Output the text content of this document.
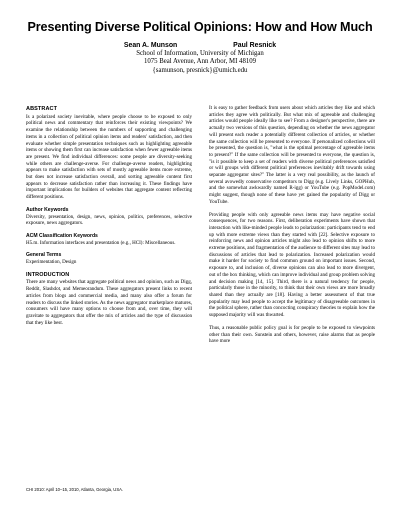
Presenting Diverse Political Opinions: How and How Much
Sean A. Munson	Paul Resnick
School of Information, University of Michigan
1075 Beal Avenue, Ann Arbor, MI 48109
{samunson, presnick}@umich.edu
ABSTRACT

Is a polarized society inevitable, where people choose to be exposed to only political news and commentary that reinforces their existing viewpoints? We examine the relationship between the numbers of supporting and challenging items in a collection of political opinion items and readers' satisfaction, and then evaluate whether simple presentation techniques such as highlighting agreeable items or showing them first can increase satisfaction when fewer agreeable items are present. We find individual differences: some people are diversity-seeking while others are challenge-averse. For challenge-averse readers, highlighting appears to make satisfaction with sets of mostly agreeable items more extreme, but does not increase satisfaction overall, and sorting agreeable content first appears to decrease satisfaction rather than increasing it. These findings have important implications for builders of websites that aggregate content reflecting different positions.

Author Keywords

Diversity, presentation, design, news, opinion, politics, preferences, selective exposure, news aggregators.

ACM Classification Keywords

H5.m. Information interfaces and presentation (e.g., HCI): Miscellaneous.

General Terms

Experimentation, Design

INTRODUCTION

There are many websites that aggregate political news and opinion, such as Digg, Reddit, Slashdot, and Memeorandum. These aggregators present links to recent articles from blogs and commercial media, and many also offer a forum for readers to discuss the linked stories. As the news aggregator marketplace matures, consumers will have many options to choose from and, over time, they will gravitate to aggregators that offer the mix of articles and the type of discussion that they like best.

It is easy to gather feedback from users about which articles they like and which articles they agree with politically. But what mix of agreeable and challenging articles would people ideally like to see? From a designer's perspective, there are actually two versions of this question, depending on whether the news aggregator will present each reader a potentially different collection of articles, or whether the same collection will be presented to everyone. If personalized collections will be presented, the question is, "what is the optimal percentage of agreeable items to present?" If the same collection will be presented to everyone, the question is, "is it possible to keep a set of readers with diverse political preferences satisfied or will groups with different political preferences inevitably drift towards using separate aggregator sites?" The latter is a very real possibility, as the launch of several avowedly conservative competitors to Digg (e.g. Lively Links, GOPHub, and the somewhat awkwardly named R-igg) or YouTube (e.g. PopModel.com) might suggest, though none of these have yet gained the popularity of Digg or YouTube.

Providing people with only agreeable news items may have negative social consequences, for two reasons. First, deliberation experiments have shown that interaction with like-minded people leads to polarization: participants tend to end up with more extreme views than they started with [22]. Selective exposure to reinforcing news and opinion articles might also lead to opinion shifts to more extreme positions, and fragmentation of the audience to different sites may lead to discussions of articles that lead to polarization. Increased polarization would make it harder for society to find common ground on important issues. Second, exposure to, and inclusion of, diverse opinions can also lead to more divergent, out of the box thinking, which can improve individual and group problem solving and decision making [14, 15]. Third, there is a natural tendency for people, particularly those in the minority, to think that their own views are more broadly shared than they actually are [18]. Having a better assessment of that true popularity may lead people to accept the legitimacy of disagreeable outcomes in the political sphere, rather than concocting conspiracy theories to explain how the supposed majority will was thwarted.

Thus, a reasonable public policy goal is for people to be exposed to viewpoints other than their own. Sunstein and others, however, raise alarms that as people have more

CHI 2010: April 10–15, 2010, Atlanta, Georgia, USA.
